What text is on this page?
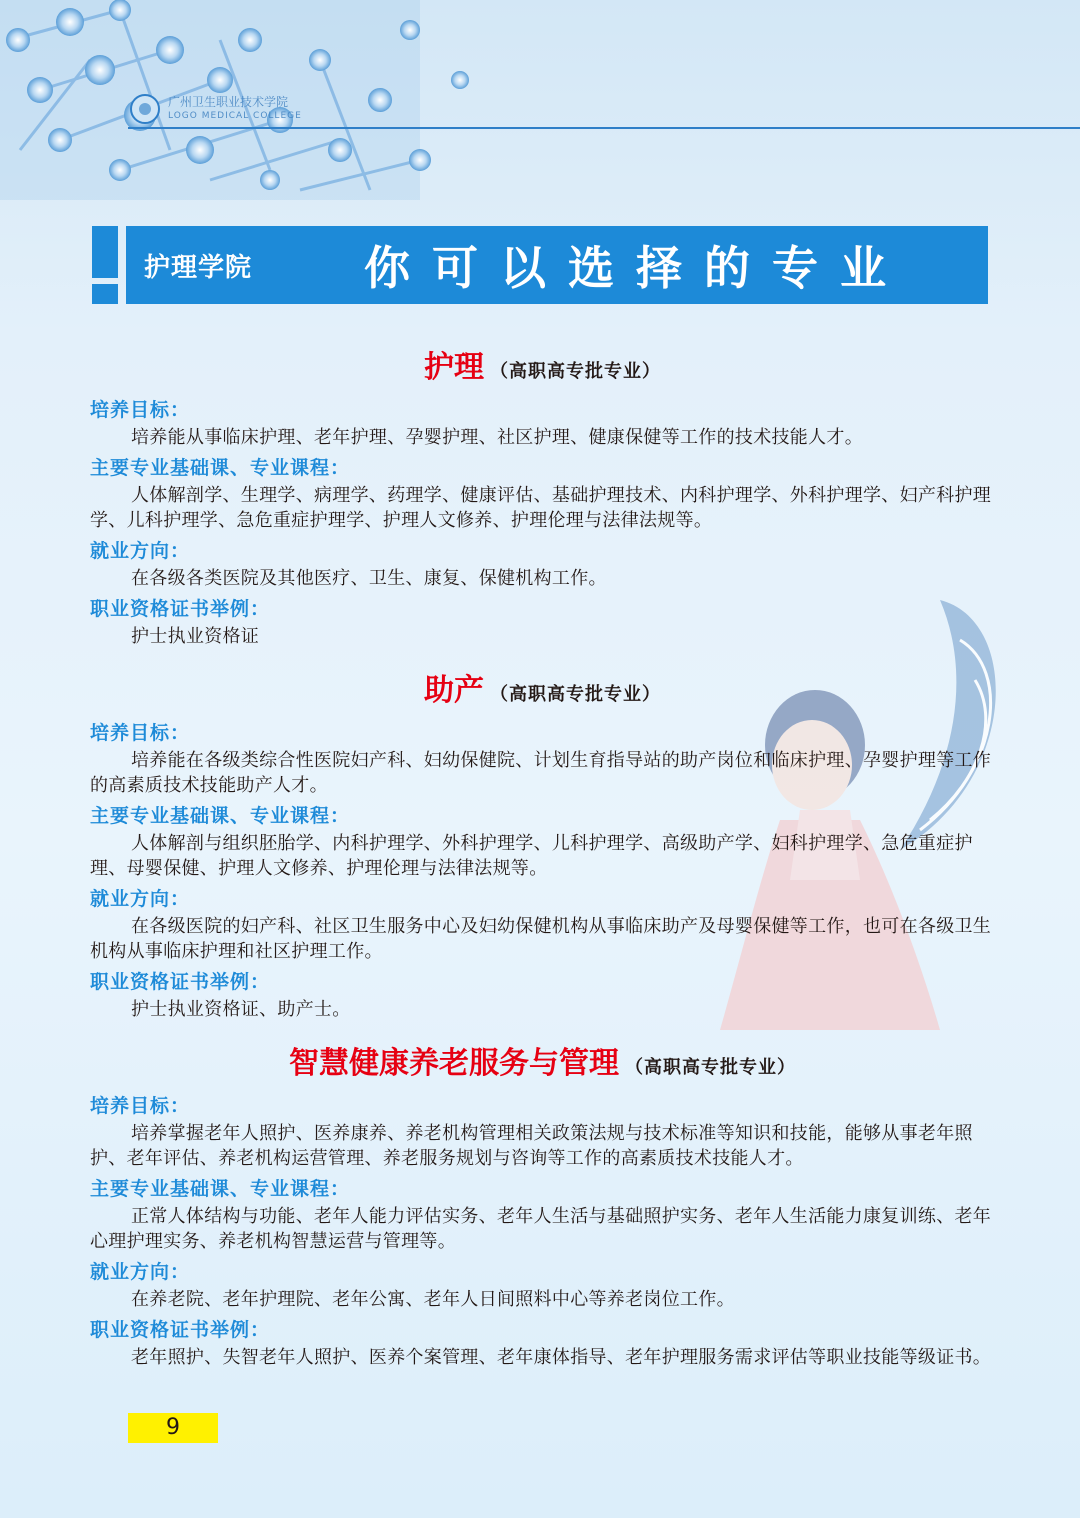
广州卫生职业技术学院
LOGO MEDICAL COLLEGE
护理学院	你可以选择的专业
护理 （高职高专批专业）
培养目标：
培养能从事临床护理、老年护理、孕婴护理、社区护理、健康保健等工作的技术技能人才。
主要专业基础课、专业课程：
人体解剖学、生理学、病理学、药理学、健康评估、基础护理技术、内科护理学、外科护理学、妇产科护理学、儿科护理学、急危重症护理学、护理人文修养、护理伦理与法律法规等。
就业方向：
在各级各类医院及其他医疗、卫生、康复、保健机构工作。
职业资格证书举例：
护士执业资格证
助产 （高职高专批专业）
培养目标：
培养能在各级类综合性医院妇产科、妇幼保健院、计划生育指导站的助产岗位和临床护理、孕婴护理等工作的高素质技术技能助产人才。
主要专业基础课、专业课程：
人体解剖与组织胚胎学、内科护理学、外科护理学、儿科护理学、高级助产学、妇科护理学、急危重症护理、母婴保健、护理人文修养、护理伦理与法律法规等。
就业方向：
在各级医院的妇产科、社区卫生服务中心及妇幼保健机构从事临床助产及母婴保健等工作，也可在各级卫生机构从事临床护理和社区护理工作。
职业资格证书举例：
护士执业资格证、助产士。
智慧健康养老服务与管理 （高职高专批专业）
培养目标：
培养掌握老年人照护、医养康养、养老机构管理相关政策法规与技术标准等知识和技能，能够从事老年照护、老年评估、养老机构运营管理、养老服务规划与咨询等工作的高素质技术技能人才。
主要专业基础课、专业课程：
正常人体结构与功能、老年人能力评估实务、老年人生活与基础照护实务、老年人生活能力康复训练、老年心理护理实务、养老机构智慧运营与管理等。
就业方向：
在养老院、老年护理院、老年公寓、老年人日间照料中心等养老岗位工作。
职业资格证书举例：
老年照护、失智老年人照护、医养个案管理、老年康体指导、老年护理服务需求评估等职业技能等级证书。
9
